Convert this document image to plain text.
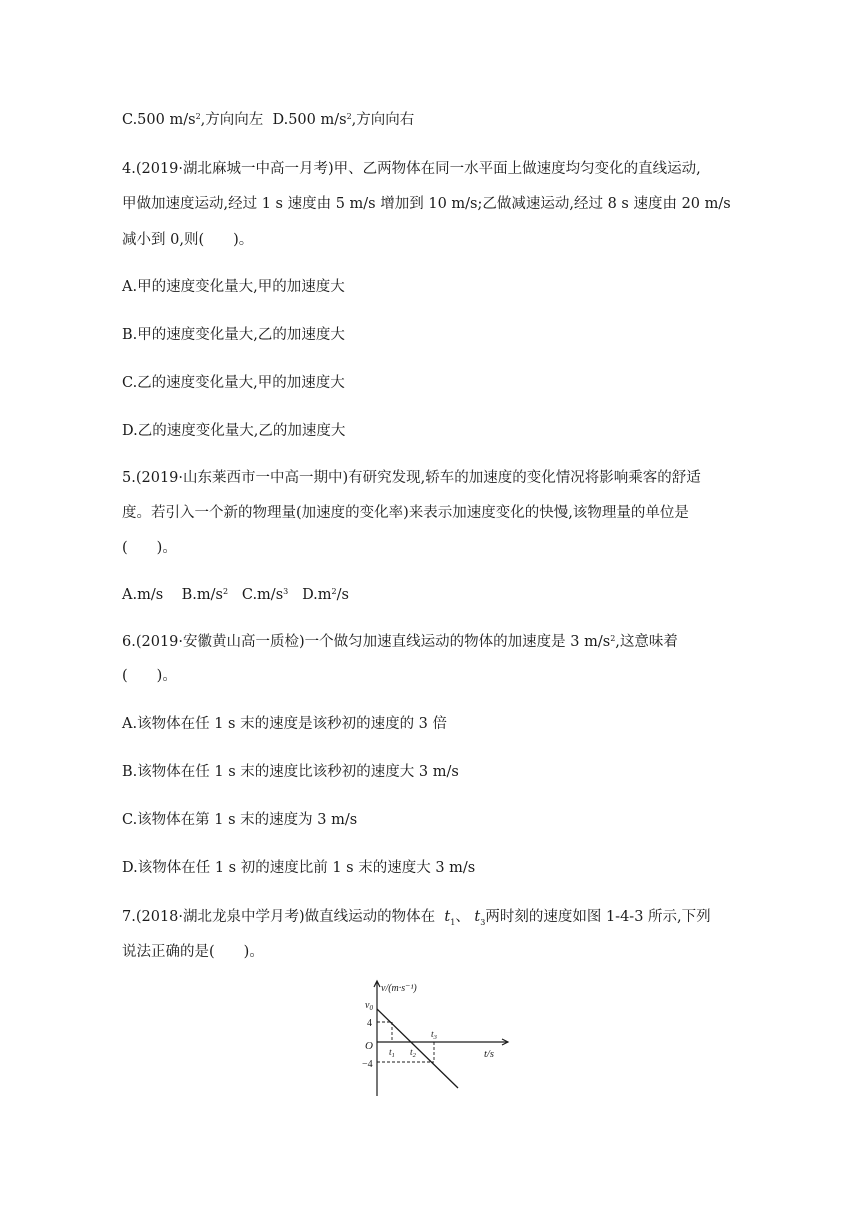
C.500 $m/s^2$,方向向左 D.500 $m/s^2$,方向向右
4.(2019·湖北麻城一中高一月考)甲、乙两物体在同一水平面上做速度均匀变化的直线运动,
甲做加速度运动,经过 1 s 速度由 5 m/s 增加到 10 m/s;乙做减速运动,经过 8 s 速度由 20 m/s
减小到 0,则(　　)。
A.甲的速度变化量大,甲的加速度大
B.甲的速度变化量大,乙的加速度大
C.乙的速度变化量大,甲的加速度大
D.乙的速度变化量大,乙的加速度大
5.(2019·山东莱西市一中高一期中)有研究发现,轿车的加速度的变化情况将影响乘客的舒适
度。若引入一个新的物理量(加速度的变化率)来表示加速度变化的快慢,该物理量的单位是
(　　)。
A.m/s $B.m/s^2$ $C.m/s^3$ $D.m^2/s$
6.(2019·安徽黄山高一质检)一个做匀加速直线运动的物体的加速度是 3 $m/s^2$,这意味着
(　　)。
A.该物体在任 1 s 末的速度是该秒初的速度的 3 倍
B.该物体在任 1 s 末的速度比该秒初的速度大 3 m/s
C.该物体在第 1 s 末的速度为 3 m/s
D.该物体在任 1 s 初的速度比前 1 s 末的速度大 3 m/s
7.(2018·湖北龙泉中学月考)做直线运动的物体在 $t_1$、 $t_3$两时刻的速度如图 1-4-3 所示,下列
说法正确的是(　　)。
v/(m·s⁻¹)
$v_0$
4
O
−4
$t_1$ $t_2$
$t_3$
t/s
